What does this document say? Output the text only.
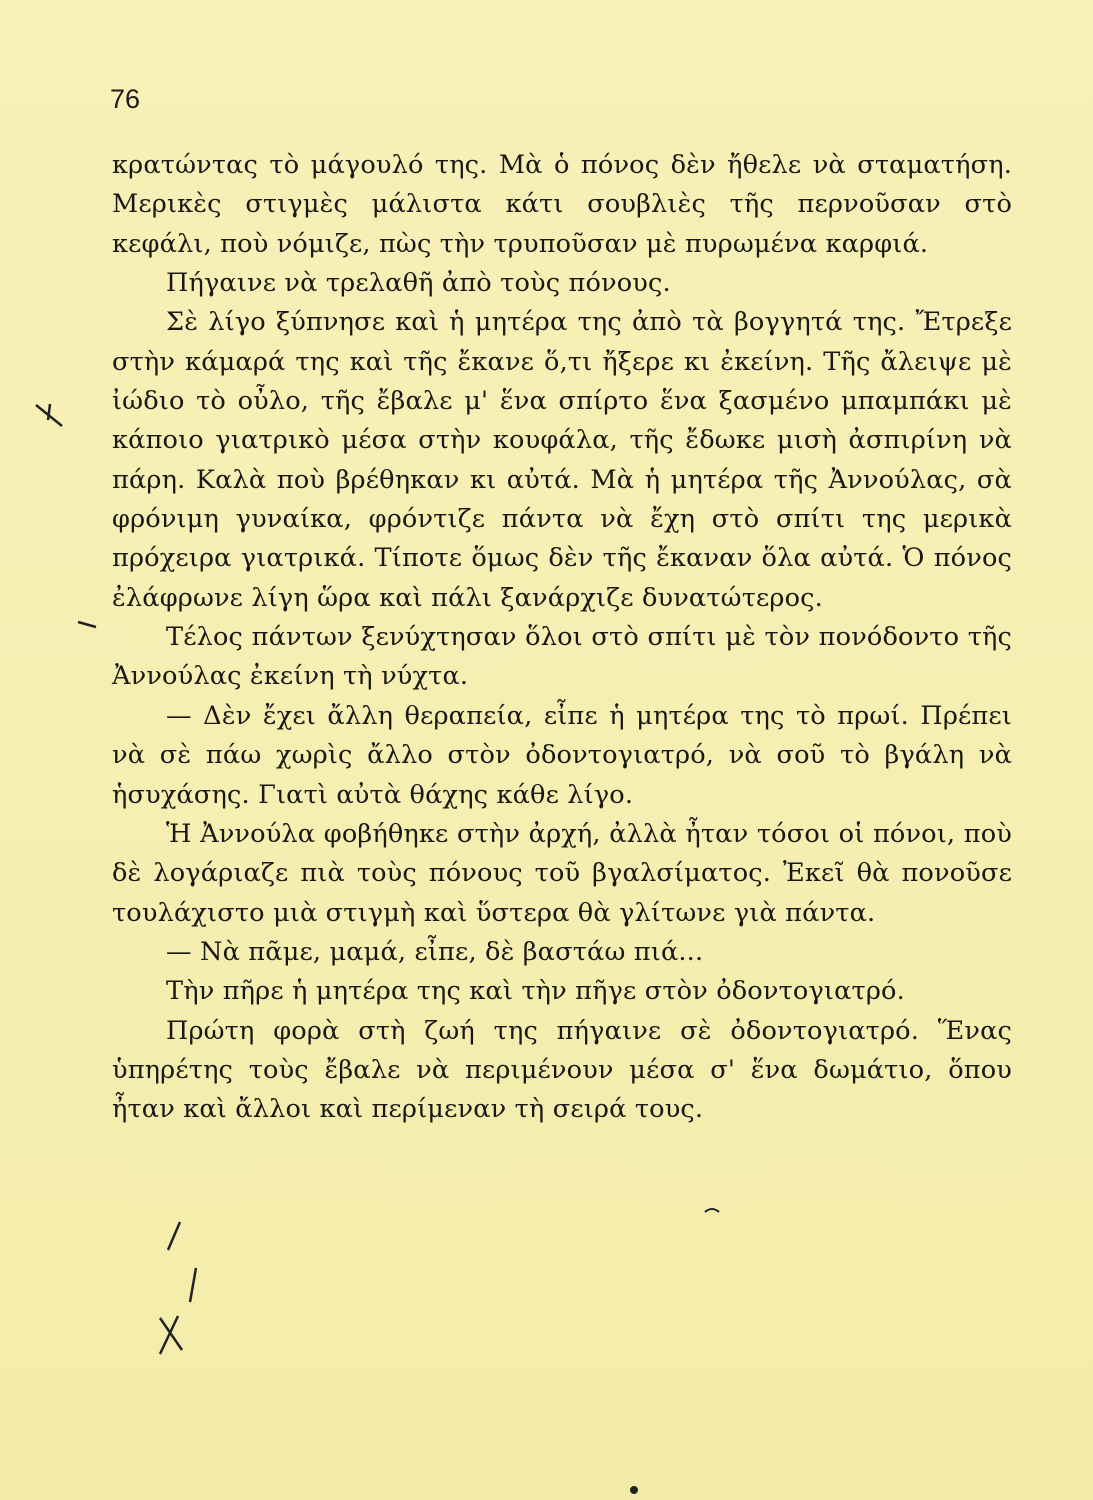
76

κρατώντας τὸ μάγουλό της. Μὰ ὁ πόνος δὲν ἤθελε νὰ σταματήση. Μερικὲς στιγμὲς μάλιστα κάτι σουβλιὲς τῆς περνοῦσαν στὸ κεφάλι, ποὺ νόμιζε, πὼς τὴν τρυποῦσαν μὲ πυρωμένα καρφιά.

Πήγαινε νὰ τρελαθῆ ἀπὸ τοὺς πόνους.

Σὲ λίγο ξύπνησε καὶ ἡ μητέρα της ἀπὸ τὰ βογγητά της. Ἔτρεξε στὴν κάμαρά της καὶ τῆς ἔκανε ὅ,τι ἤξερε κι ἐκείνη. Τῆς ἄλειψε μὲ ἰώδιο τὸ οὖλο, τῆς ἔβαλε μ' ἕνα σπίρτο ἕνα ξασμένο μπαμπάκι μὲ κάποιο γιατρικὸ μέσα στὴν κουφάλα, τῆς ἔδωκε μισὴ ἀσπιρίνη νὰ πάρη. Καλὰ ποὺ βρέθηκαν κι αὐτά. Μὰ ἡ μητέρα τῆς Ἀννούλας, σὰ φρόνιμη γυναίκα, φρόντιζε πάντα νὰ ἔχη στὸ σπίτι της μερικὰ πρόχειρα γιατρικά. Τίποτε ὅμως δὲν τῆς ἔκαναν ὅλα αὐτά. Ὁ πόνος ἐλάφρωνε λίγη ὥρα καὶ πάλι ξανάρχιζε δυνατώτερος.

Τέλος πάντων ξενύχτησαν ὅλοι στὸ σπίτι μὲ τὸν πονόδοντο τῆς Ἀννούλας ἐκείνη τὴ νύχτα.

— Δὲν ἔχει ἄλλη θεραπεία, εἶπε ἡ μητέρα της τὸ πρωί. Πρέπει νὰ σὲ πάω χωρὶς ἄλλο στὸν ὀδοντογιατρό, νὰ σοῦ τὸ βγάλη νὰ ἡσυχάσης. Γιατὶ αὐτὰ θάχης κάθε λίγο.

Ἡ Ἀννούλα φοβήθηκε στὴν ἀρχή, ἀλλὰ ἦταν τόσοι οἱ πόνοι, ποὺ δὲ λογάριαζε πιὰ τοὺς πόνους τοῦ βγαλσίματος. Ἐκεῖ θὰ πονοῦσε τουλάχιστο μιὰ στιγμὴ καὶ ὕστερα θὰ γλίτωνε γιὰ πάντα.

— Νὰ πᾶμε, μαμά, εἶπε, δὲ βαστάω πιά...

Τὴν πῆρε ἡ μητέρα της καὶ τὴν πῆγε στὸν ὀδοντογιατρό.

Πρώτη φορὰ στὴ ζωή της πήγαινε σὲ ὀδοντογιατρό. Ἕνας ὑπηρέτης τοὺς ἔβαλε νὰ περιμένουν μέσα σ' ἕνα δωμάτιο, ὅπου ἦταν καὶ ἄλλοι καὶ περίμεναν τὴ σειρά τους.
